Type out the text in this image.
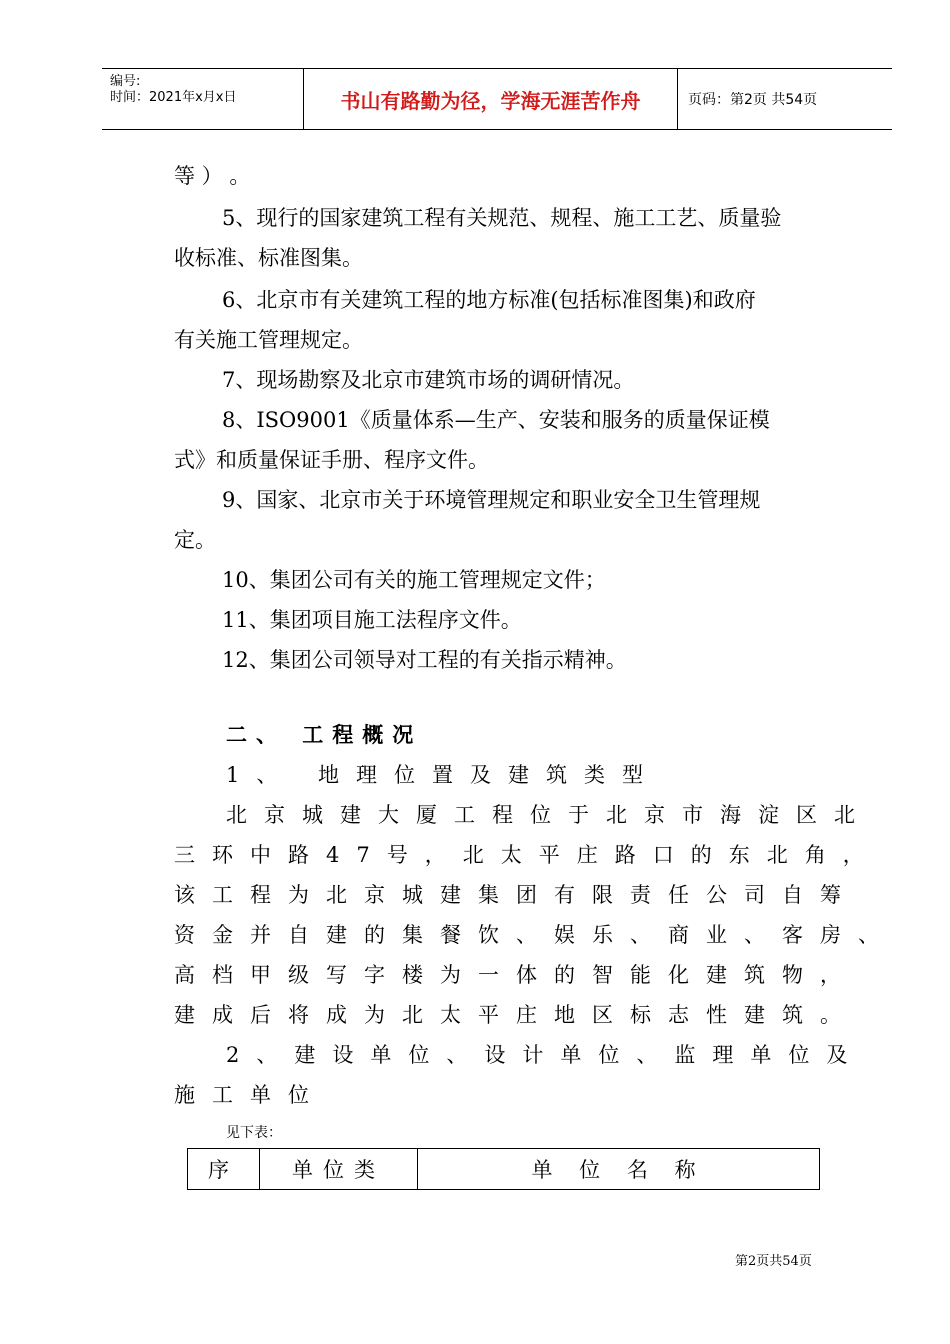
编号:
时间：2021年x月x日	书山有路勤为径，学海无涯苦作舟	页码：第2页 共54页
等 ） 。
5、现行的国家建筑工程有关规范、规程、施工工艺、质量验
收标准、标准图集。
6、北京市有关建筑工程的地方标准(包括标准图集)和政府
有关施工管理规定。
7、现场勘察及北京市建筑市场的调研情况。
8、ISO9001《质量体系—生产、安装和服务的质量保证模
式》和质量保证手册、程序文件。
9、国家、北京市关于环境管理规定和职业安全卫生管理规
定。
10、集团公司有关的施工管理规定文件；
11、集团项目施工法程序文件。
12、集团公司领导对工程的有关指示精神。
二、 工程概况
1、 地理位置及建筑类型
北京城建大厦工程位于北京市海淀区北
三环中路47号，北太平庄路口的东北角，
该工程为北京城建集团有限责任公司自筹
资金并自建的集餐饮、娱乐、商业、客房、
高档甲级写字楼为一体的智能化建筑物，
建成后将成为北太平庄地区标志性建筑。
2、建设单位、设计单位、监理单位及
施工单位
见下表：
序	单位类	单 位 名 称
第2页共54页
